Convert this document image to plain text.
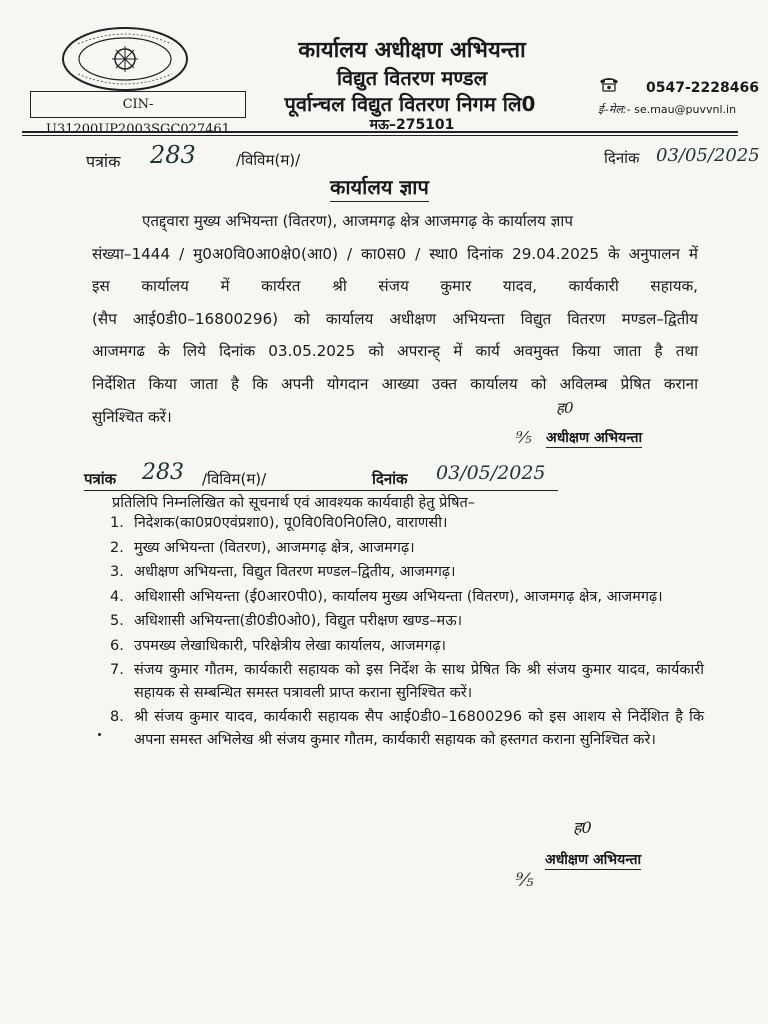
CIN-U31200UP2003SGC027461
कार्यालय अधीक्षण अभियन्ता
विद्युत वितरण मण्डल
पूर्वान्चल विद्युत वितरण निगम लि0
मऊ–275101
0547-2228466
ई–मेल:- se.mau@puvvnl.in
पत्रांक 283	/विविम(म)/	दिनांक 03/05/2025
कार्यालय ज्ञाप
एतद्द्वारा मुख्य अभियन्ता (वितरण), आजमगढ़ क्षेत्र आजमगढ़ के कार्यालय ज्ञाप
संख्या–1444 / मु0अ0वि0आ0क्षे0(आ0) / का0स0 / स्था0 दिनांक 29.04.2025 के अनुपालन में
इस कार्यालय में कार्यरत श्री संजय कुमार यादव, कार्यकारी सहायक,
(सैप आई0डी0–16800296) को कार्यालय अधीक्षण अभियन्ता विद्युत वितरण मण्डल–द्वितीय
आजमगढ के लिये दिनांक 03.05.2025 को अपरान्ह् में कार्य अवमुक्त किया जाता है तथा
निर्देशित किया जाता है कि अपनी योगदान आख्या उक्त कार्यालय को अविलम्ब प्रेषित कराना
सुनिश्चित करें।	ह0
⁹⁄₅ अधीक्षण अभियन्ता
पत्रांक 283 /विविम(म)/	दिनांक 03/05/2025
प्रतिलिपि निम्नलिखित को सूचनार्थ एवं आवश्यक कार्यवाही हेतु प्रेषित–
1. निदेशक(का0प्र0एवंप्रशा0), पू0वि0वि0नि0लि0, वाराणसी।
2. मुख्य अभियन्ता (वितरण), आजमगढ़ क्षेत्र, आजमगढ़।
3. अधीक्षण अभियन्ता, विद्युत वितरण मण्डल–द्वितीय, आजमगढ़।
4. अधिशासी अभियन्ता (ई0आर0पी0), कार्यालय मुख्य अभियन्ता (वितरण), आजमगढ़ क्षेत्र, आजमगढ़।
5. अधिशासी अभियन्ता(डी0डी0ओ0), विद्युत परीक्षण खण्ड–मऊ।
6. उपमख्य लेखाधिकारी, परिक्षेत्रीय लेखा कार्यालय, आजमगढ़।
7. संजय कुमार गौतम, कार्यकारी सहायक को इस निर्देश के साथ प्रेषित कि श्री संजय कुमार यादव, कार्यकारी सहायक से सम्बन्धित समस्त पत्रावली प्राप्त कराना सुनिश्चित करें।
8. श्री संजय कुमार यादव, कार्यकारी सहायक सैप आई0डी0–16800296 को इस आशय से निर्देशित है कि अपना समस्त अभिलेख श्री संजय कुमार गौतम, कार्यकारी सहायक को हस्तगत कराना सुनिश्चित करे।
ह0
अधीक्षण अभियन्ता
⁹⁄₅
